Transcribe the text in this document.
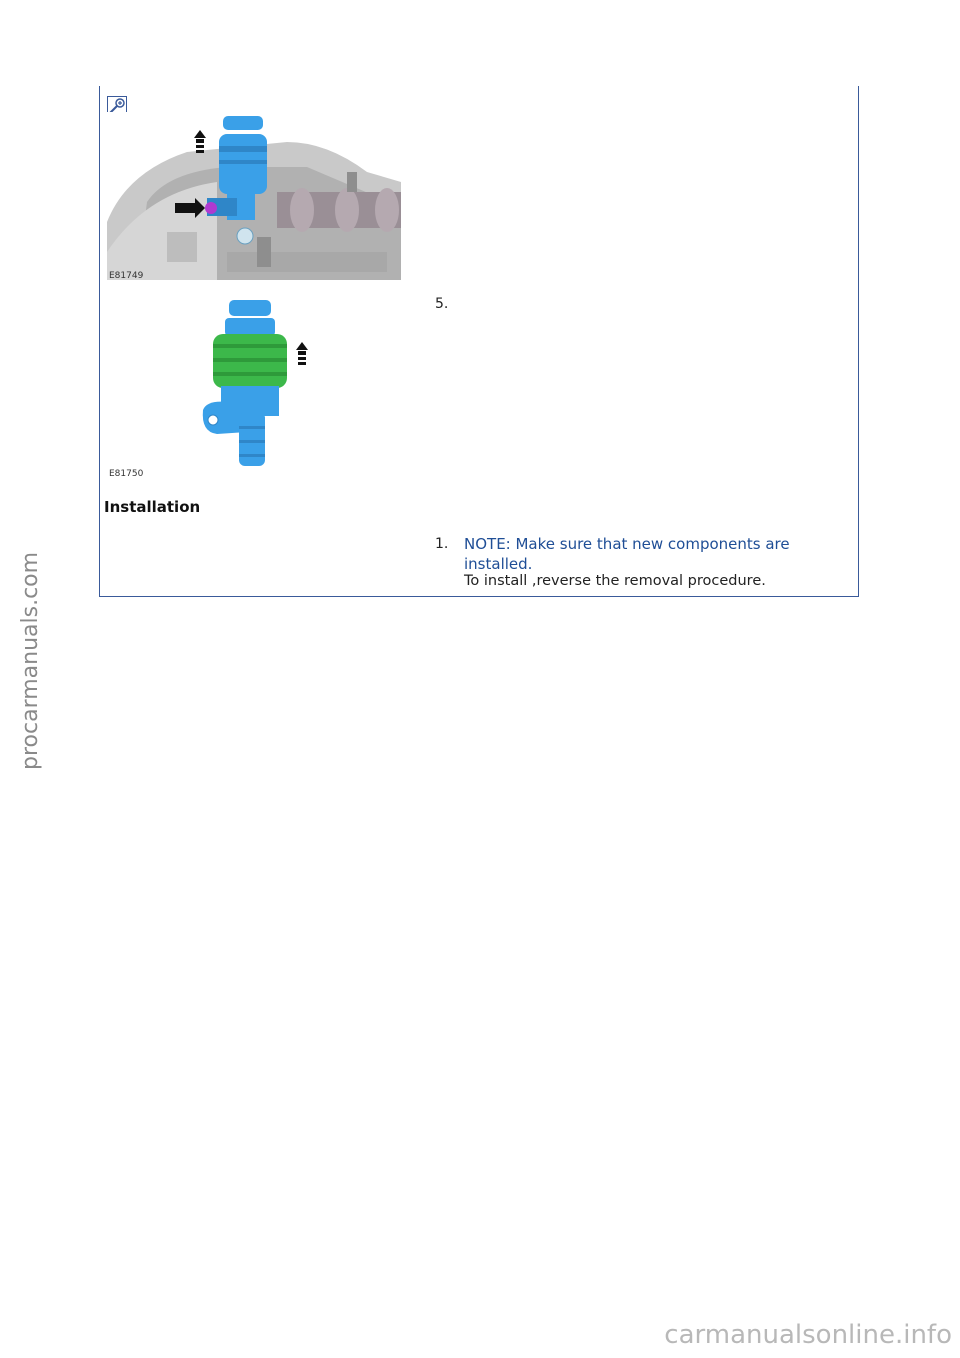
E81749
E81750
5.
Installation
1. NOTE: Make sure that new components are installed.
To install ,reverse the removal procedure.
procarmanuals.com
carmanualsonline.info
